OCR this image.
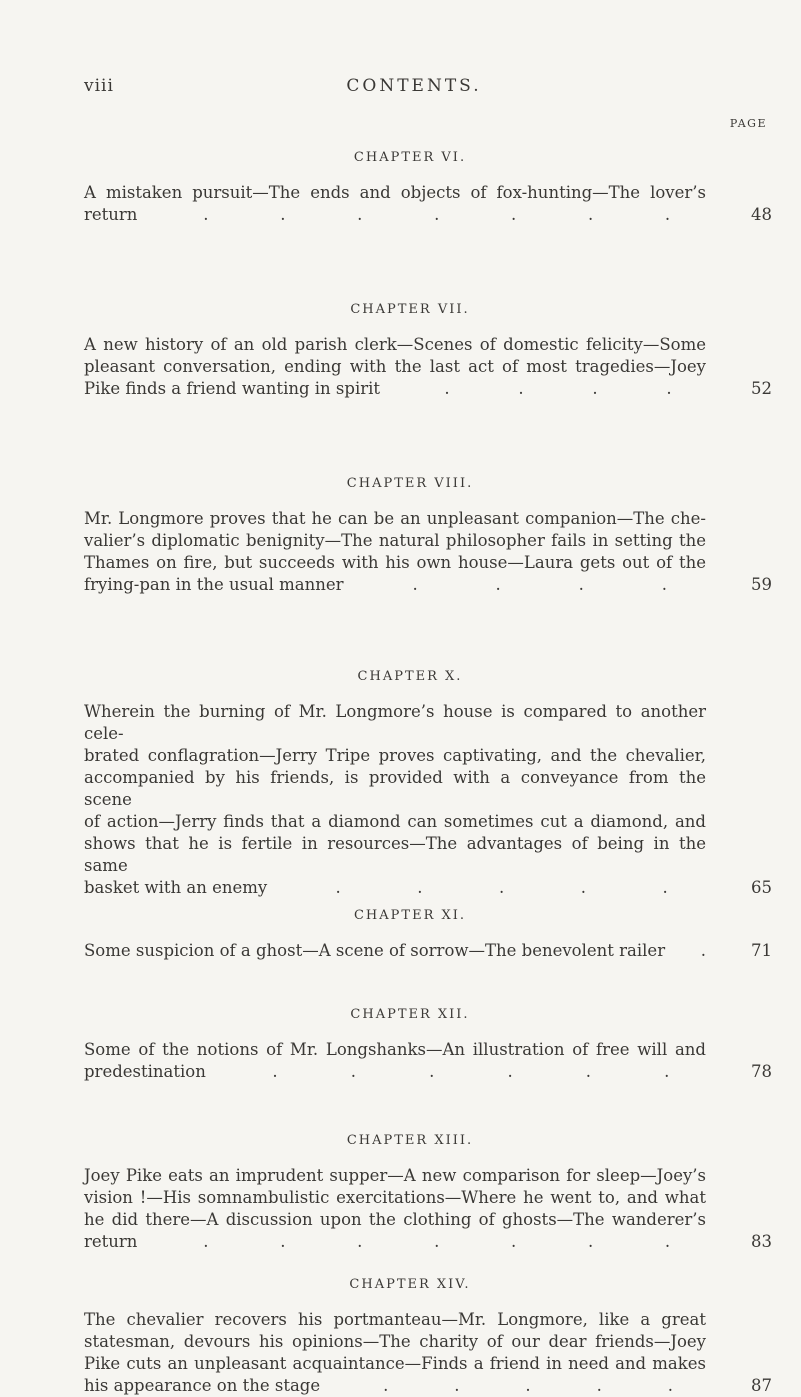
viii	CONTENTS.
PAGE
CHAPTER VI.
A mistaken pursuit—The ends and objects of fox-hunting—The lover’s
return	.	.	.	.	.	.	.	48
CHAPTER VII.
A new history of an old parish clerk—Scenes of domestic felicity—Some
pleasant conversation, ending with the last act of most tragedies—Joey
Pike finds a friend wanting in spirit	.	.	.	.	52
CHAPTER VIII.
Mr. Longmore proves that he can be an unpleasant companion—The che-
valier’s diplomatic benignity—The natural philosopher fails in setting the
Thames on fire, but succeeds with his own house—Laura gets out of the
frying-pan in the usual manner	.	.	.	.	59
CHAPTER X.
Wherein the burning of Mr. Longmore’s house is compared to another cele-
brated conflagration—Jerry Tripe proves captivating, and the chevalier,
accompanied by his friends, is provided with a conveyance from the scene
of action—Jerry finds that a diamond can sometimes cut a diamond, and
shows that he is fertile in resources—The advantages of being in the same
basket with an enemy	.	.	.	.	.	65
CHAPTER XI.
Some suspicion of a ghost—A scene of sorrow—The benevolent railer .	71
CHAPTER XII.
Some of the notions of Mr. Longshanks—An illustration of free will and
predestination	.	.	.	.	.	.	78
CHAPTER XIII.
Joey Pike eats an imprudent supper—A new comparison for sleep—Joey’s
vision !—His somnambulistic exercitations—Where he went to, and what
he did there—A discussion upon the clothing of ghosts—The wanderer’s
return	.	.	.	.	.	.	.	83
CHAPTER XIV.
The chevalier recovers his portmanteau—Mr. Longmore, like a great
statesman, devours his opinions—The charity of our dear friends—Joey
Pike cuts an unpleasant acquaintance—Finds a friend in need and makes
his appearance on the stage	.	.	.	.	.	87
